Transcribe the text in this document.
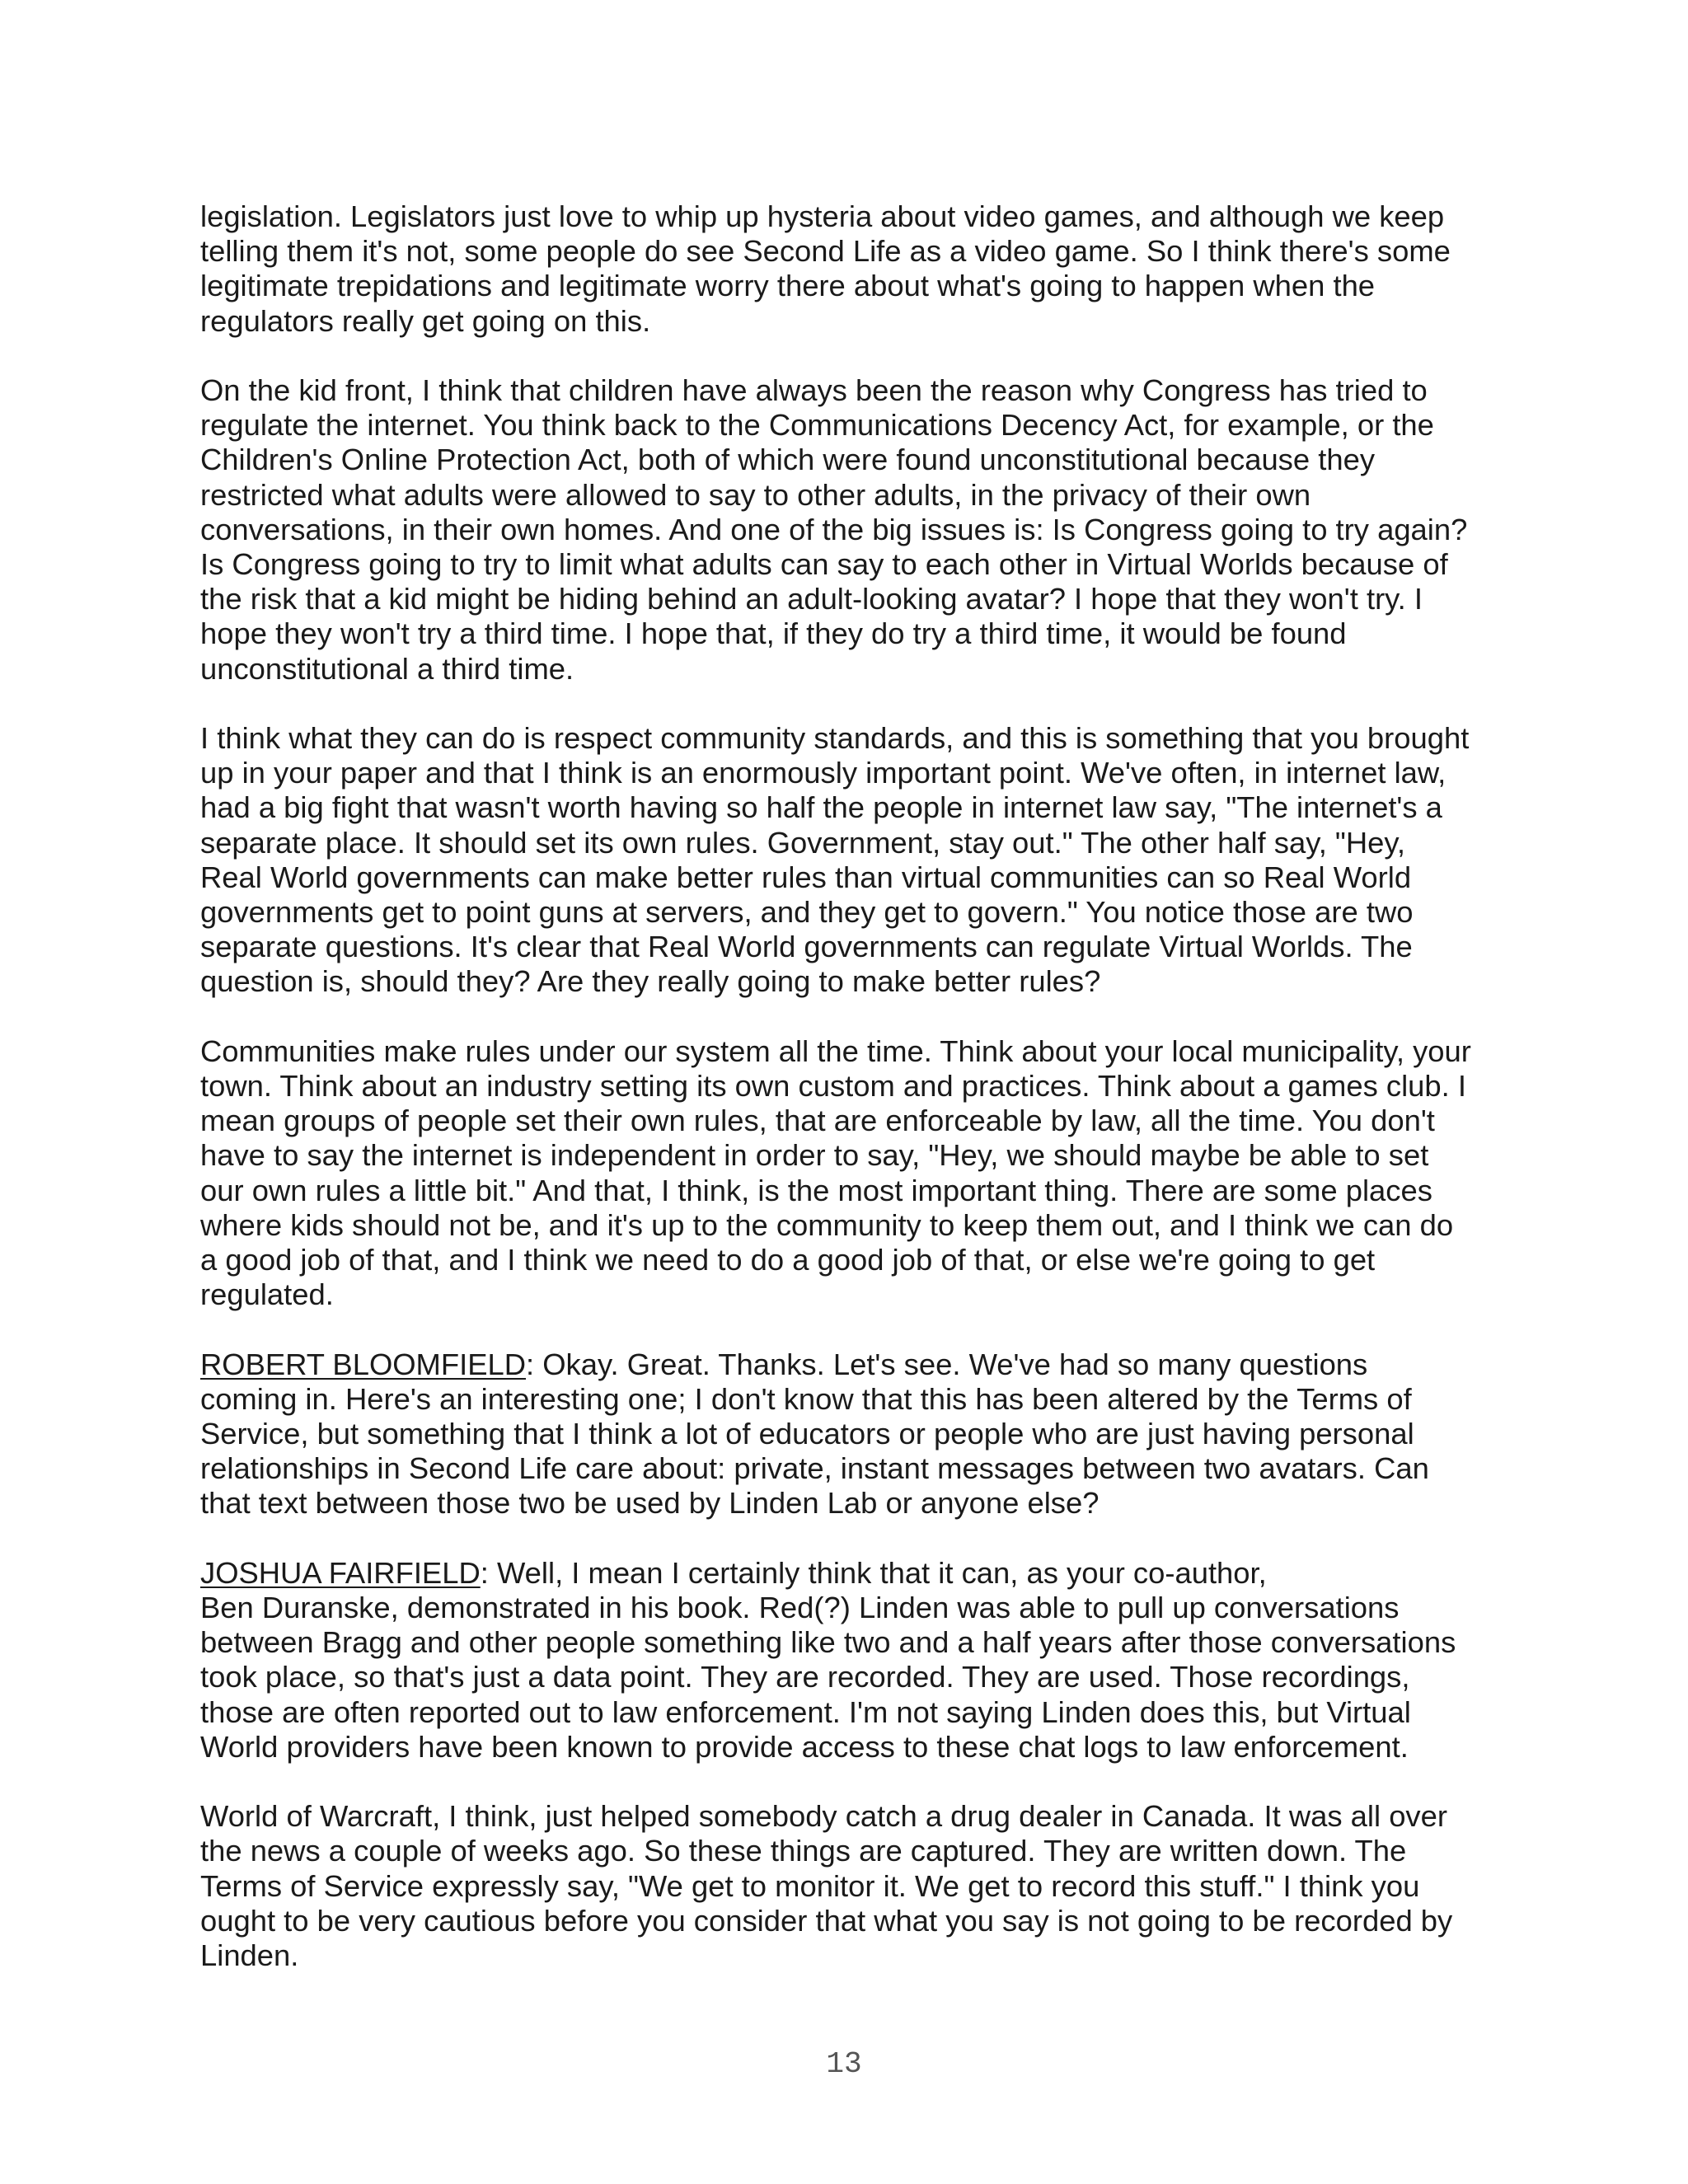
legislation. Legislators just love to whip up hysteria about video games, and although we keep
telling them it's not, some people do see Second Life as a video game. So I think there's some
legitimate trepidations and legitimate worry there about what's going to happen when the
regulators really get going on this.

On the kid front, I think that children have always been the reason why Congress has tried to
regulate the internet. You think back to the Communications Decency Act, for example, or the
Children's Online Protection Act, both of which were found unconstitutional because they
restricted what adults were allowed to say to other adults, in the privacy of their own
conversations, in their own homes. And one of the big issues is: Is Congress going to try again?
Is Congress going to try to limit what adults can say to each other in Virtual Worlds because of
the risk that a kid might be hiding behind an adult-looking avatar? I hope that they won't try. I
hope they won't try a third time. I hope that, if they do try a third time, it would be found
unconstitutional a third time.

I think what they can do is respect community standards, and this is something that you brought
up in your paper and that I think is an enormously important point. We've often, in internet law,
had a big fight that wasn't worth having so half the people in internet law say, "The internet's a
separate place. It should set its own rules. Government, stay out." The other half say, "Hey,
Real World governments can make better rules than virtual communities can so Real World
governments get to point guns at servers, and they get to govern." You notice those are two
separate questions. It's clear that Real World governments can regulate Virtual Worlds. The
question is, should they? Are they really going to make better rules?

Communities make rules under our system all the time. Think about your local municipality, your
town. Think about an industry setting its own custom and practices. Think about a games club. I
mean groups of people set their own rules, that are enforceable by law, all the time. You don't
have to say the internet is independent in order to say, "Hey, we should maybe be able to set
our own rules a little bit." And that, I think, is the most important thing. There are some places
where kids should not be, and it's up to the community to keep them out, and I think we can do
a good job of that, and I think we need to do a good job of that, or else we're going to get
regulated.

ROBERT BLOOMFIELD: Okay. Great. Thanks. Let's see. We've had so many questions
coming in. Here's an interesting one; I don't know that this has been altered by the Terms of
Service, but something that I think a lot of educators or people who are just having personal
relationships in Second Life care about: private, instant messages between two avatars. Can
that text between those two be used by Linden Lab or anyone else?

JOSHUA FAIRFIELD: Well, I mean I certainly think that it can, as your co-author,
Ben Duranske, demonstrated in his book. Red(?) Linden was able to pull up conversations
between Bragg and other people something like two and a half years after those conversations
took place, so that's just a data point. They are recorded. They are used. Those recordings,
those are often reported out to law enforcement. I'm not saying Linden does this, but Virtual
World providers have been known to provide access to these chat logs to law enforcement.

World of Warcraft, I think, just helped somebody catch a drug dealer in Canada. It was all over
the news a couple of weeks ago. So these things are captured. They are written down. The
Terms of Service expressly say, "We get to monitor it. We get to record this stuff." I think you
ought to be very cautious before you consider that what you say is not going to be recorded by
Linden.

13
